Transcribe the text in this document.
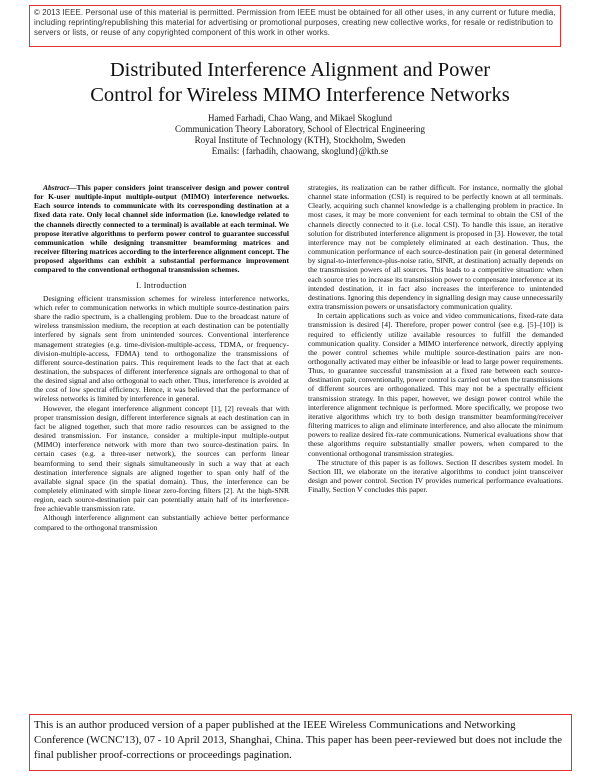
© 2013 IEEE. Personal use of this material is permitted. Permission from IEEE must be obtained for all other uses, in any current or future media, including reprinting/republishing this material for advertising or promotional purposes, creating new collective works, for resale or redistribution to servers or lists, or reuse of any copyrighted component of this work in other works.
Distributed Interference Alignment and Power
Control for Wireless MIMO Interference Networks
Hamed Farhadi, Chao Wang, and Mikael Skoglund
Communication Theory Laboratory, School of Electrical Engineering
Royal Institute of Technology (KTH), Stockholm, Sweden
Emails: {farhadih, chaowang, skoglund}@kth.se

Abstract—This paper considers joint transceiver design and power control for K-user multiple-input multiple-output (MIMO) interference networks. Each source intends to communicate with its corresponding destination at a fixed data rate. Only local channel side information (i.e. knowledge related to the channels directly connected to a terminal) is available at each terminal. We propose iterative algorithms to perform power control to guarantee successful communication while designing transmitter beamforming matrices and receiver filtering matrices according to the interference alignment concept. The proposed algorithms can exhibit a substantial performance improvement compared to the conventional orthogonal transmission schemes.

I. Introduction

Designing efficient transmission schemes for wireless interference networks, which refer to communication networks in which multiple source-destination pairs share the radio spectrum, is a challenging problem. Due to the broadcast nature of wireless transmission medium, the reception at each destination can be potentially interfered by signals sent from unintended sources. Conventional interference management strategies (e.g. time-division-multiple-access, TDMA, or frequency-division-multiple-access, FDMA) tend to orthogonalize the transmissions of different source-destination pairs. This requirement leads to the fact that at each destination, the subspaces of different interference signals are orthogonal to that of the desired signal and also orthogonal to each other. Thus, interference is avoided at the cost of low spectral efficiency. Hence, it was believed that the performance of wireless networks is limited by interference in general.

However, the elegant interference alignment concept [1], [2] reveals that with proper transmission design, different interference signals at each destination can in fact be aligned together, such that more radio resources can be assigned to the desired transmission. For instance, consider a multiple-input multiple-output (MIMO) interference network with more than two source-destination pairs. In certain cases (e.g. a three-user network), the sources can perform linear beamforming to send their signals simultaneously in such a way that at each destination interference signals are aligned together to span only half of the available signal space (in the spatial domain). Thus, the interference can be completely eliminated with simple linear zero-forcing filters [2]. At the high-SNR region, each source-destination pair can potentially attain half of its interference-free achievable transmission rate.

Although interference alignment can substantially achieve better performance compared to the orthogonal transmission

strategies, its realization can be rather difficult. For instance, normally the global channel state information (CSI) is required to be perfectly known at all terminals. Clearly, acquiring such channel knowledge is a challenging problem in practice. In most cases, it may be more convenient for each terminal to obtain the CSI of the channels directly connected to it (i.e. local CSI). To handle this issue, an iterative solution for distributed interference alignment is proposed in [3]. However, the total interference may not be completely eliminated at each destination. Thus, the communication performance of each source-destination pair (in general determined by signal-to-interference-plus-noise ratio, SINR, at destination) actually depends on the transmission powers of all sources. This leads to a competitive situation: when each source tries to increase its transmission power to compensate interference at its intended destination, it in fact also increases the interference to unintended destinations. Ignoring this dependency in signalling design may cause unnecessarily extra transmission powers or unsatisfactory communication quality.

In certain applications such as voice and video communications, fixed-rate data transmission is desired [4]. Therefore, proper power control (see e.g. [5]–[10]) is required to efficiently utilize available resources to fulfill the demanded communication quality. Consider a MIMO interference network, directly applying the power control schemes while multiple source-destination pairs are non-orthogonally activated may either be infeasible or lead to large power requirements. Thus, to guarantee successful transmission at a fixed rate between each source-destination pair, conventionally, power control is carried out when the transmissions of different sources are orthogonalized. This may not be a spectrally efficient transmission strategy. In this paper, however, we design power control while the interference alignment technique is performed. More specifically, we propose two iterative algorithms which try to both design transmitter beamforming/receiver filtering matrices to align and eliminate interference, and also allocate the minimum powers to realize desired fix-rate communications. Numerical evaluations show that these algorithms require substantially smaller powers, when compared to the conventional orthogonal transmission strategies.

The structure of this paper is as follows. Section II describes system model. In Section III, we elaborate on the iterative algorithms to conduct joint transceiver design and power control. Section IV provides numerical performance evaluations. Finally, Section V concludes this paper.

This is an author produced version of a paper published at the IEEE Wireless Communications and Networking Conference (WCNC'13), 07 - 10 April 2013, Shanghai, China. This paper has been peer-reviewed but does not include the final publisher proof-corrections or proceedings pagination.
